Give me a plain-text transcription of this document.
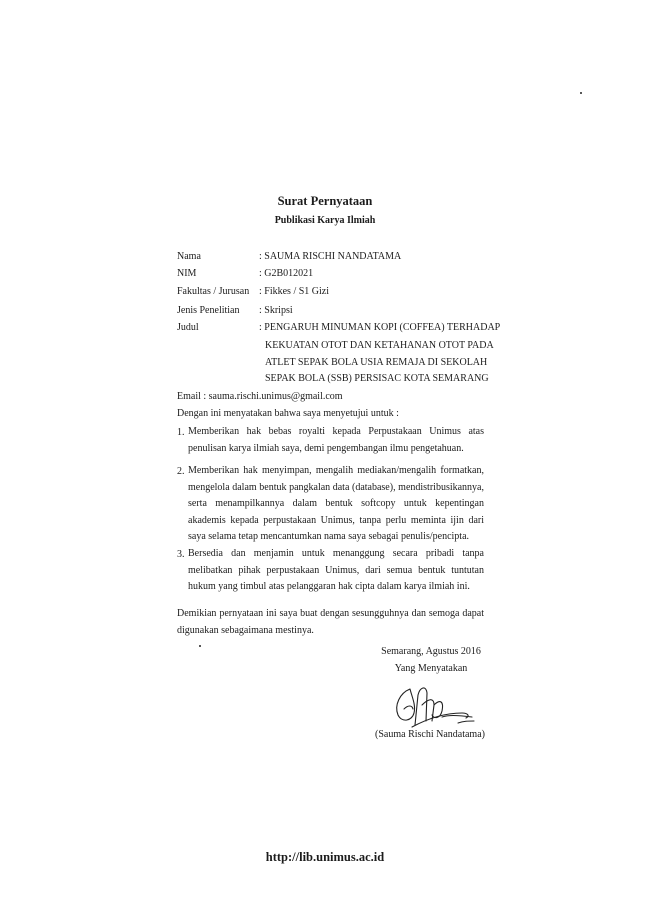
Surat Pernyataan
Publikasi Karya Ilmiah
Nama	: SAUMA RISCHI NANDATAMA
NIM	: G2B012021
Fakultas / Jurusan : Fikkes / S1 Gizi
Jenis Penelitian : Skripsi
Judul	: PENGARUH MINUMAN KOPI (COFFEA) TERHADAP
KEKUATAN OTOT DAN KETAHANAN OTOT PADA
ATLET SEPAK BOLA USIA REMAJA DI SEKOLAH
SEPAK BOLA (SSB) PERSISAC KOTA SEMARANG
Email : sauma.rischi.unimus@gmail.com
Dengan ini menyatakan bahwa saya menyetujui untuk :
1. Memberikan hak bebas royalti kepada Perpustakaan Unimus atas penulisan karya ilmiah saya, demi pengembangan ilmu pengetahuan.
2. Memberikan hak menyimpan, mengalih mediakan/mengalih formatkan, mengelola dalam bentuk pangkalan data (database), mendistribusikannya, serta menampilkannya dalam bentuk softcopy untuk kepentingan akademis kepada perpustakaan Unimus, tanpa perlu meminta ijin dari saya selama tetap mencantumkan nama saya sebagai penulis/pencipta.
3. Bersedia dan menjamin untuk menanggung secara pribadi tanpa melibatkan pihak perpustakaan Unimus, dari semua bentuk tuntutan hukum yang timbul atas pelanggaran hak cipta dalam karya ilmiah ini.
Demikian pernyataan ini saya buat dengan sesungguhnya dan semoga dapat digunakan sebagaimana mestinya.
Semarang, Agustus 2016
Yang Menyatakan
(Sauma Rischi Nandatama)
http://lib.unimus.ac.id
